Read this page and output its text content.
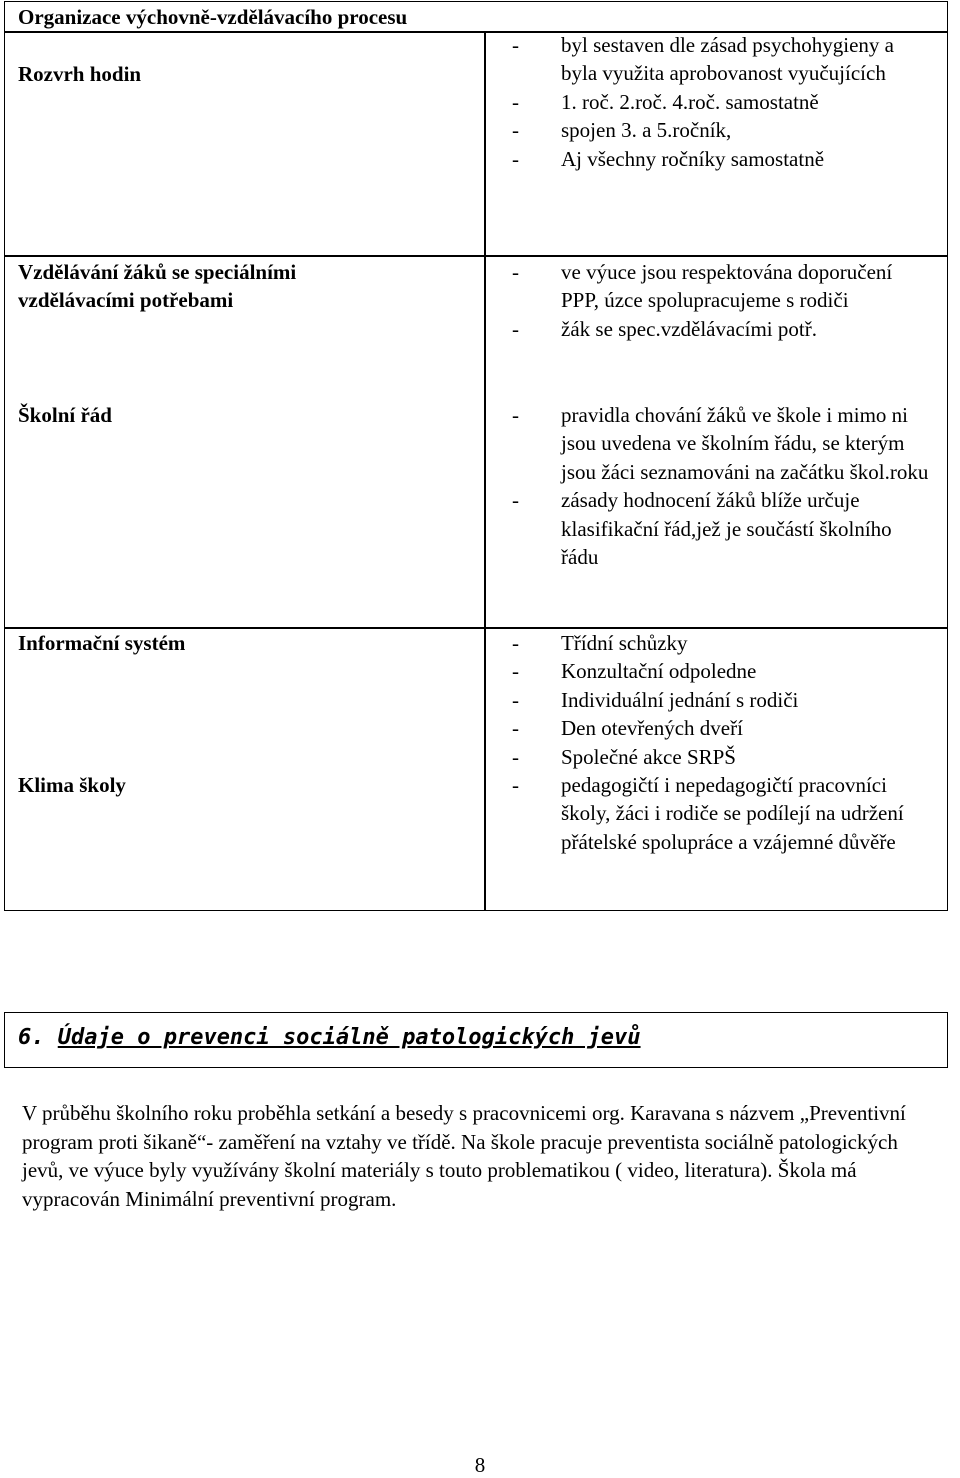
Organizace výchovně-vzdělávacího procesu
Rozvrh hodin
- byl sestaven dle zásad psychohygieny a byla využita aprobovanost vyučujících
- 1. roč. 2.roč. 4.roč. samostatně
- spojen 3. a 5.ročník,
- Aj všechny ročníky samostatně
Vzdělávání žáků se speciálními vzdělávacími potřebami
- ve výuce jsou respektována doporučení PPP, úzce spolupracujeme s rodiči
- žák se spec.vzdělávacími potř.
Školní řád	- pravidla chování žáků ve škole i mimo ni jsou uvedena ve školním řádu, se kterým jsou žáci seznamováni na začátku škol.roku
- zásady hodnocení žáků blíže určuje klasifikační řád,jež je součástí školního řádu
Informační systém	- Třídní schůzky
- Konzultační odpoledne
- Individuální jednání s rodiči
- Den otevřených dveří
- Společné akce SRPŠ
Klima školy	- pedagogičtí i nepedagogičtí pracovníci školy, žáci i rodiče se podílejí na udržení přátelské spolupráce a vzájemné důvěře
6. Údaje o prevenci sociálně patologických jevů

V průběhu školního roku proběhla setkání a besedy s pracovnicemi org. Karavana s názvem „Preventivní program proti šikaně“- zaměření na vztahy ve třídě. Na škole pracuje preventista sociálně patologických jevů, ve výuce byly využívány školní materiály s touto problematikou ( video, literatura). Škola má vypracován Minimální preventivní program.

8
